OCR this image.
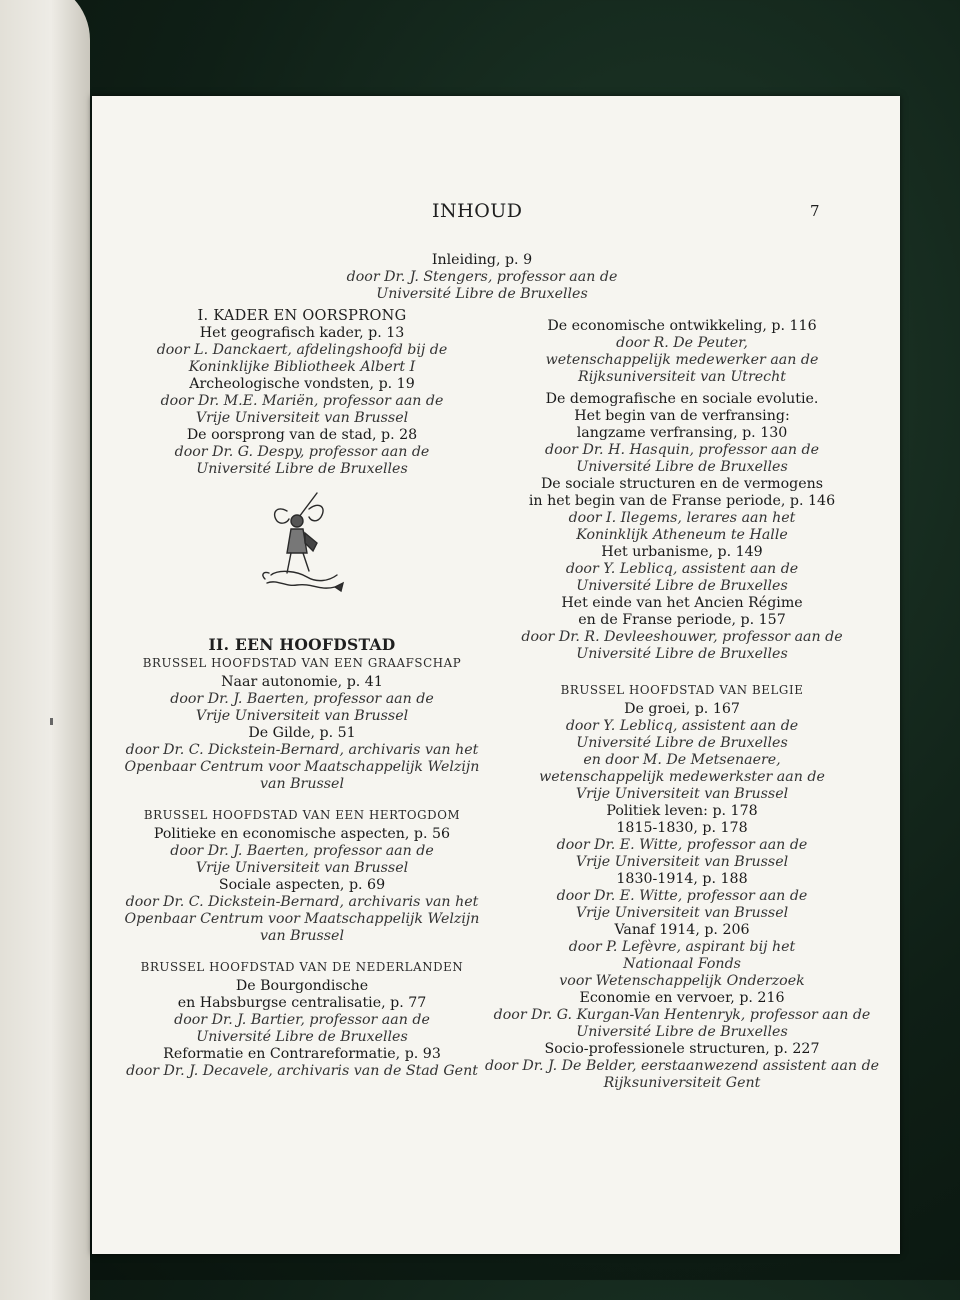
INHOUD	7
Inleiding, p. 9
door Dr. J. Stengers, professor aan de
Université Libre de Bruxelles
I. KADER EN OORSPRONG
Het geografisch kader, p. 13
door L. Danckaert, afdelingshoofd bij de
Koninklijke Bibliotheek Albert I
Archeologische vondsten, p. 19
door Dr. M.E. Mariën, professor aan de
Vrije Universiteit van Brussel
De oorsprong van de stad, p. 28
door Dr. G. Despy, professor aan de
Université Libre de Bruxelles
II. EEN HOOFDSTAD
BRUSSEL HOOFDSTAD VAN EEN GRAAFSCHAP
Naar autonomie, p. 41
door Dr. J. Baerten, professor aan de
Vrije Universiteit van Brussel
De Gilde, p. 51
door Dr. C. Dickstein-Bernard, archivaris van het
Openbaar Centrum voor Maatschappelijk Welzijn
van Brussel
BRUSSEL HOOFDSTAD VAN EEN HERTOGDOM
Politieke en economische aspecten, p. 56
door Dr. J. Baerten, professor aan de
Vrije Universiteit van Brussel
Sociale aspecten, p. 69
door Dr. C. Dickstein-Bernard, archivaris van het
Openbaar Centrum voor Maatschappelijk Welzijn
van Brussel
BRUSSEL HOOFDSTAD VAN DE NEDERLANDEN
De Bourgondische
en Habsburgse centralisatie, p. 77
door Dr. J. Bartier, professor aan de
Université Libre de Bruxelles
Reformatie en Contrareformatie, p. 93
door Dr. J. Decavele, archivaris van de Stad Gent
De economische ontwikkeling, p. 116
door R. De Peuter,
wetenschappelijk medewerker aan de
Rijksuniversiteit van Utrecht
De demografische en sociale evolutie.
Het begin van de verfransing:
langzame verfransing, p. 130
door Dr. H. Hasquin, professor aan de
Université Libre de Bruxelles
De sociale structuren en de vermogens
in het begin van de Franse periode, p. 146
door I. Ilegems, lerares aan het
Koninklijk Atheneum te Halle
Het urbanisme, p. 149
door Y. Leblicq, assistent aan de
Université Libre de Bruxelles
Het einde van het Ancien Régime
en de Franse periode, p. 157
door Dr. R. Devleeshouwer, professor aan de
Université Libre de Bruxelles
BRUSSEL HOOFDSTAD VAN BELGIE
De groei, p. 167
door Y. Leblicq, assistent aan de
Université Libre de Bruxelles
en door M. De Metsenaere,
wetenschappelijk medewerkster aan de
Vrije Universiteit van Brussel
Politiek leven: p. 178
1815-1830, p. 178
door Dr. E. Witte, professor aan de
Vrije Universiteit van Brussel
1830-1914, p. 188
door Dr. E. Witte, professor aan de
Vrije Universiteit van Brussel
Vanaf 1914, p. 206
door P. Lefèvre, aspirant bij het
Nationaal Fonds
voor Wetenschappelijk Onderzoek
Economie en vervoer, p. 216
door Dr. G. Kurgan-Van Hentenryk, professor aan de
Université Libre de Bruxelles
Socio-professionele structuren, p. 227
door Dr. J. De Belder, eerstaanwezend assistent aan de
Rijksuniversiteit Gent
